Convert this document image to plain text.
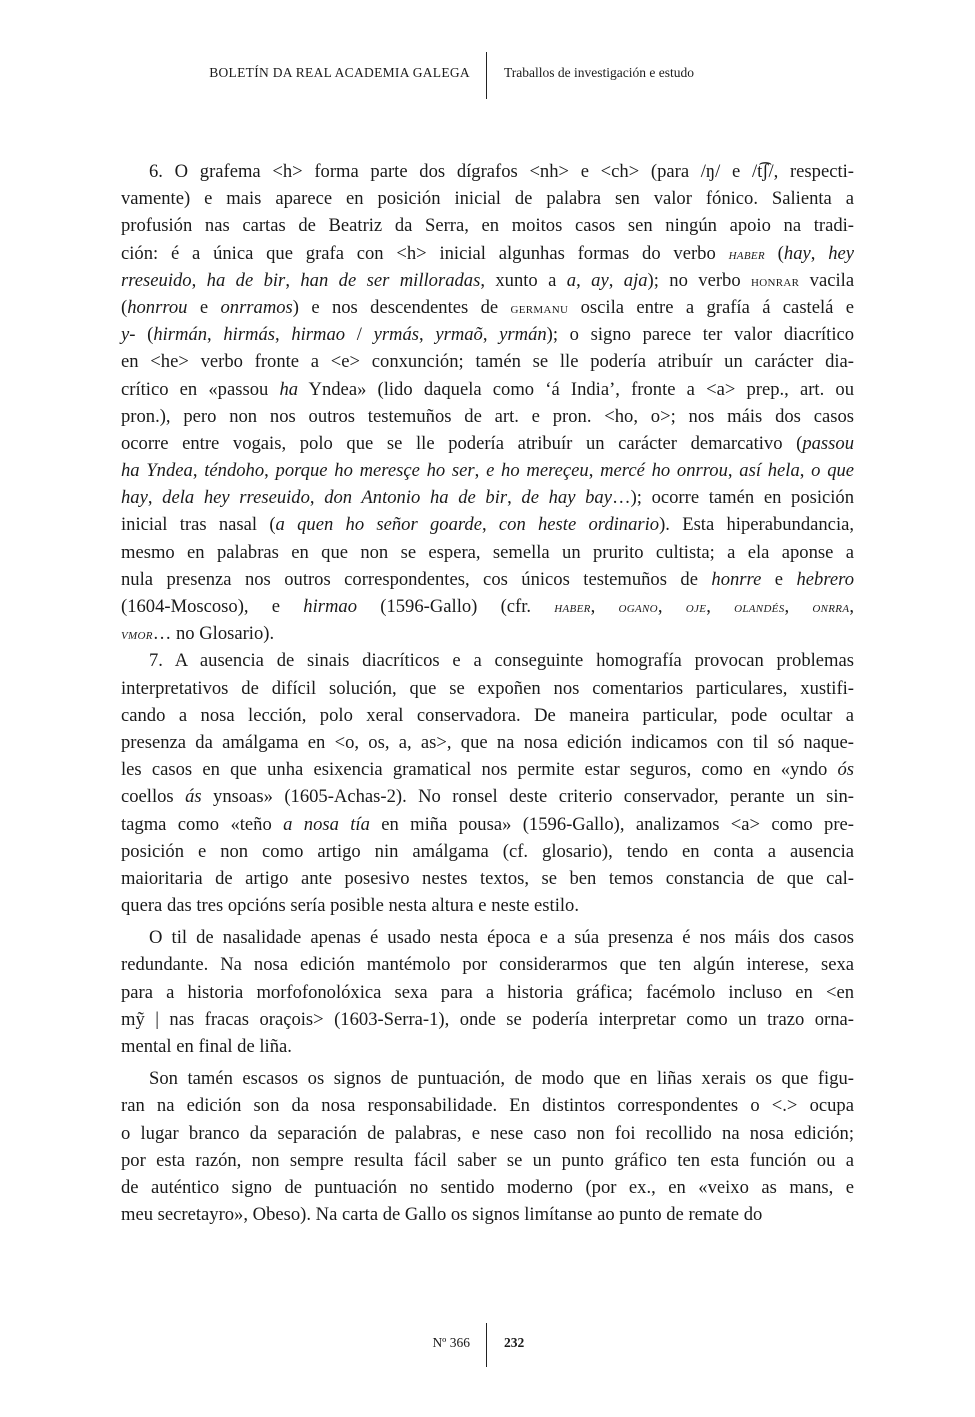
BOLETÍN DA REAL ACADEMIA GALEGA	Traballos de investigación e estudo
6. O grafema <h> forma parte dos dígrafos <nh> e <ch> (para /ŋ/ e /t͡ʃ/, respecti-
vamente) e mais aparece en posición inicial de palabra sen valor fónico. Salienta a
profusión nas cartas de Beatriz da Serra, en moitos casos sen ningún apoio na tradi-
ción: é a única que grafa con <h> inicial algunhas formas do verbo haber (hay, hey
rreseuido, ha de bir, han de ser milloradas, xunto a a, ay, aja); no verbo honrar vacila
(honrrou e onrramos) e nos descendentes de germanu oscila entre a grafía á castelá e
y- (hirmán, hirmás, hirmao / yrmás, yrmaõ, yrmán); o signo parece ter valor diacrítico
en <he> verbo fronte a <e> conxunción; tamén se lle podería atribuír un carácter dia-
crítico en «passou ha Yndea» (lido daquela como ‘á India’, fronte a <a> prep., art. ou
pron.), pero non nos outros testemuños de art. e pron. <ho, o>; nos máis dos casos
ocorre entre vogais, polo que se lle podería atribuír un carácter demarcativo (passou
ha Yndea, téndoho, porque ho meresçe ho ser, e ho mereçeu, mercé ho onrrou, así hela, o que
hay, dela hey rreseuido, don Antonio ha de bir, de hay bay…); ocorre tamén en posición
inicial tras nasal (a quen ho señor goarde, con heste ordinario). Esta hiperabundancia,
mesmo en palabras en que non se espera, semella un prurito cultista; a ela aponse a
nula presenza nos outros correspondentes, cos únicos testemuños de honrre e hebrero
(1604-Moscoso), e hirmao (1596-Gallo) (cfr. haber, ogano, oje, olandés, onrra,
vmor… no Glosario).
7. A ausencia de sinais diacríticos e a conseguinte homografía provocan problemas
interpretativos de difícil solución, que se expoñen nos comentarios particulares, xustifi-
cando a nosa lección, polo xeral conservadora. De maneira particular, pode ocultar a
presenza da amálgama en <o, os, a, as>, que na nosa edición indicamos con til só naque-
les casos en que unha esixencia gramatical nos permite estar seguros, como en «yndo ós
coellos ás ynsoas» (1605-Achas-2). No ronsel deste criterio conservador, perante un sin-
tagma como «teño a nosa tía en miña pousa» (1596-Gallo), analizamos <a> como pre-
posición e non como artigo nin amálgama (cf. glosario), tendo en conta a ausencia
maioritaria de artigo ante posesivo nestes textos, se ben temos constancia de que cal-
quera das tres opcións sería posible nesta altura e neste estilo.
O til de nasalidade apenas é usado nesta época e a súa presenza é nos máis dos casos
redundante. Na nosa edición mantémolo por considerarmos que ten algún interese, sexa
para a historia morfofonolóxica sexa para a historia gráfica; facémolo incluso en <en
mỹ | nas fracas oraçois> (1603-Serra-1), onde se podería interpretar como un trazo orna-
mental en final de liña.
Son tamén escasos os signos de puntuación, de modo que en liñas xerais os que figu-
ran na edición son da nosa responsabilidade. En distintos correspondentes o <.> ocupa
o lugar branco da separación de palabras, e nese caso non foi recollido na nosa edición;
por esta razón, non sempre resulta fácil saber se un punto gráfico ten esta función ou a
de auténtico signo de puntuación no sentido moderno (por ex., en «veixo as mans, e
meu secretayro», Obeso). Na carta de Gallo os signos limítanse ao punto de remate do
Nº 366	232
